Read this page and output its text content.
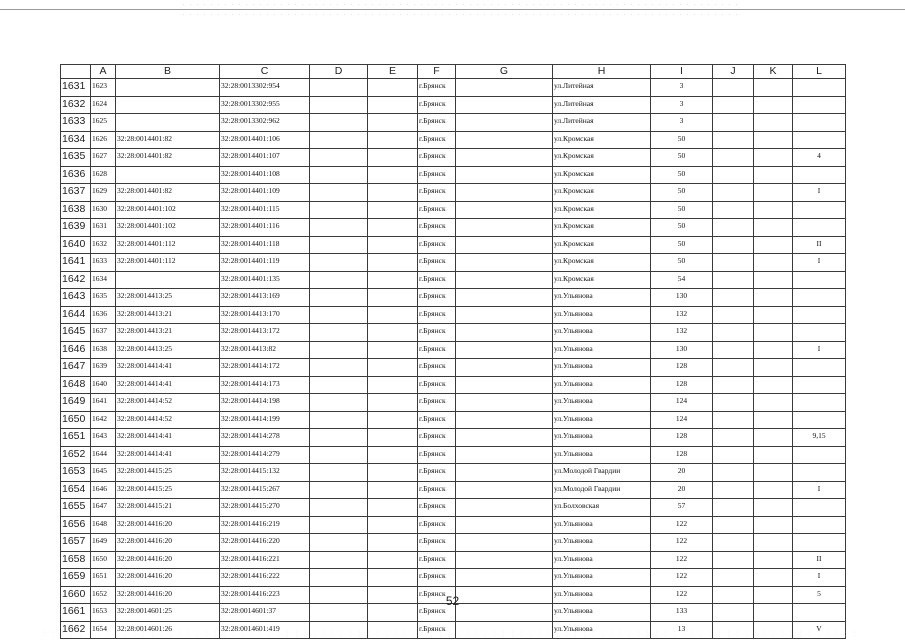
	A	B	C	D	E	F	G	H	I	J	K	L
1631	1623		32:28:0013302:954			г.Брянск		ул.Литейная	3			
1632	1624		32:28:0013302:955			г.Брянск		ул.Литейная	3			
1633	1625		32:28:0013302:962			г.Брянск		ул.Литейная	3			
1634	1626	32:28:0014401:82	32:28:0014401:106			г.Брянск		ул.Кромская	50			
1635	1627	32:28:0014401:82	32:28:0014401:107			г.Брянск		ул.Кромская	50			4
1636	1628		32:28:0014401:108			г.Брянск		ул.Кромская	50			
1637	1629	32:28:0014401:82	32:28:0014401:109			г.Брянск		ул.Кромская	50			I
1638	1630	32:28:0014401:102	32:28:0014401:115			г.Брянск		ул.Кромская	50			
1639	1631	32:28:0014401:102	32:28:0014401:116			г.Брянск		ул.Кромская	50			
1640	1632	32:28:0014401:112	32:28:0014401:118			г.Брянск		ул.Кромская	50			II
1641	1633	32:28:0014401:112	32:28:0014401:119			г.Брянск		ул.Кромская	50			I
1642	1634		32:28:0014401:135			г.Брянск		ул.Кромская	54			
1643	1635	32:28:0014413:25	32:28:0014413:169			г.Брянск		ул.Ульянова	130			
1644	1636	32:28:0014413:21	32:28:0014413:170			г.Брянск		ул.Ульянова	132			
1645	1637	32:28:0014413:21	32:28:0014413:172			г.Брянск		ул.Ульянова	132			
1646	1638	32:28:0014413:25	32:28:0014413:82			г.Брянск		ул.Ульянова	130			I
1647	1639	32:28:0014414:41	32:28:0014414:172			г.Брянск		ул.Ульянова	128			
1648	1640	32:28:0014414:41	32:28:0014414:173			г.Брянск		ул.Ульянова	128			
1649	1641	32:28:0014414:52	32:28:0014414:198			г.Брянск		ул.Ульянова	124			
1650	1642	32:28:0014414:52	32:28:0014414:199			г.Брянск		ул.Ульянова	124			
1651	1643	32:28:0014414:41	32:28:0014414:278			г.Брянск		ул.Ульянова	128			9,15
1652	1644	32:28:0014414:41	32:28:0014414:279			г.Брянск		ул.Ульянова	128			
1653	1645	32:28:0014415:25	32:28:0014415:132			г.Брянск		ул.Молодой Гвардии	20			
1654	1646	32:28:0014415:25	32:28:0014415:267			г.Брянск		ул.Молодой Гвардии	20			I
1655	1647	32:28:0014415:21	32:28:0014415:270			г.Брянск		ул.Болховская	57			
1656	1648	32:28:0014416:20	32:28:0014416:219			г.Брянск		ул.Ульянова	122			
1657	1649	32:28:0014416:20	32:28:0014416:220			г.Брянск		ул.Ульянова	122			
1658	1650	32:28:0014416:20	32:28:0014416:221			г.Брянск		ул.Ульянова	122			II
1659	1651	32:28:0014416:20	32:28:0014416:222			г.Брянск		ул.Ульянова	122			I
1660	1652	32:28:0014416:20	32:28:0014416:223			г.Брянск		ул.Ульянова	122			5
1661	1653	32:28:0014601:25	32:28:0014601:37			г.Брянск		ул.Ульянова	133			
1662	1654	32:28:0014601:26	32:28:0014601:419			г.Брянск		ул.Ульянова	13			V
52
